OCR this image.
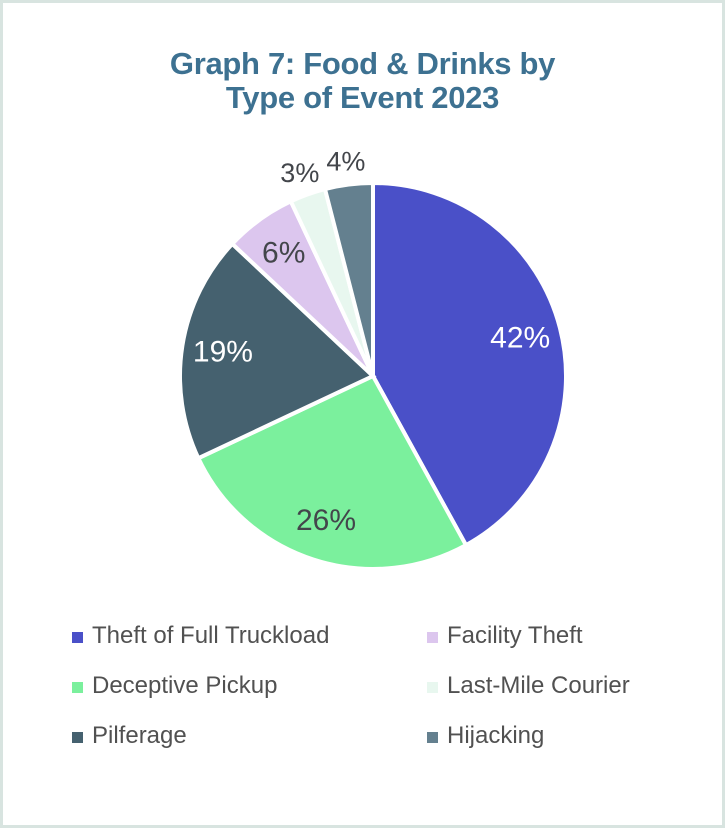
Graph 7: Food & Drinks by
Type of Event 2023
42%
26%
19%
6%
3% 4%
Theft of Full Truckload
Deceptive Pickup
Pilferage
Facility Theft
Last-Mile Courier
Hijacking
